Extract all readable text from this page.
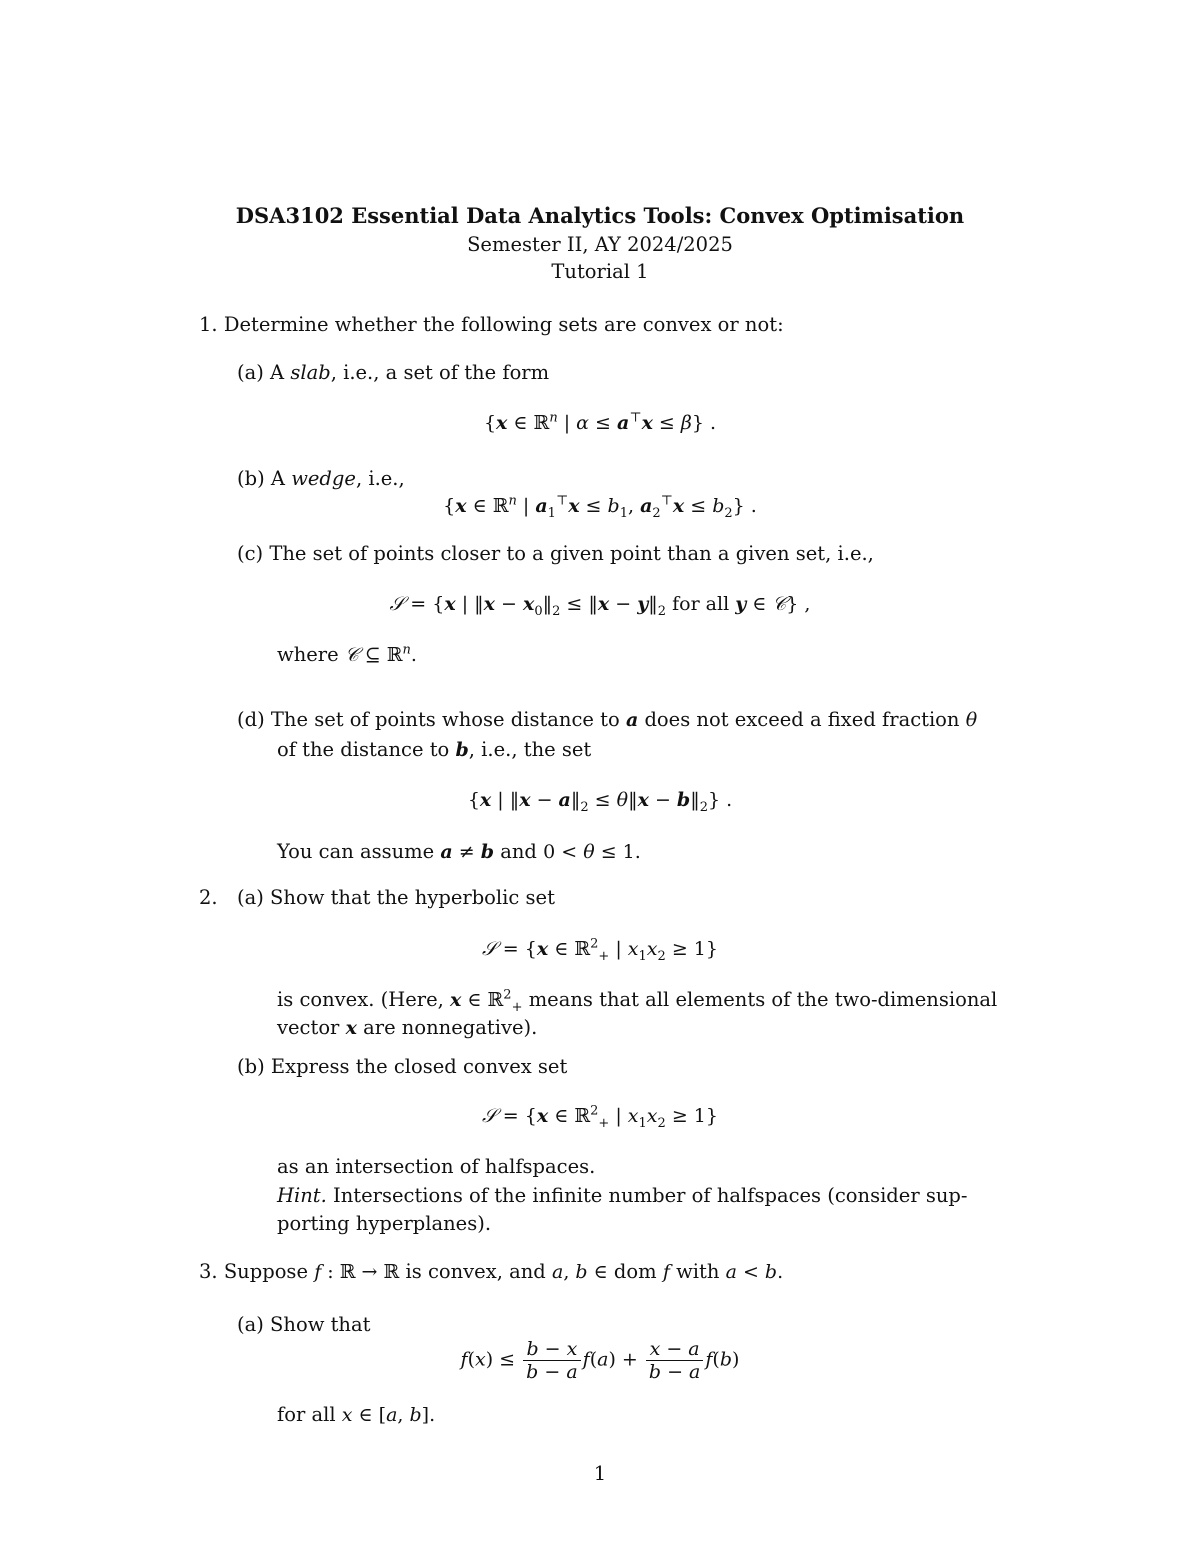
DSA3102 Essential Data Analytics Tools: Convex Optimisation
Semester II, AY 2024/2025
Tutorial 1
1. Determine whether the following sets are convex or not:
(a) A slab, i.e., a set of the form
{x ∈ ℝ$^n$ | α ≤ a⊤x ≤ β} .
(b) A wedge, i.e.,
{x ∈ ℝ$^n$ | $a_1^⊤x \le b_1$, $a_2^⊤x \le b_2$} .
(c) The set of points closer to a given point than a given set, i.e.,
𝒮 = {x | ‖x − $x_0‖_2$ ≤ ‖x − $y‖_2$ for all y ∈ 𝒞} ,
where 𝒞 ⊆ ℝ$^n$.
(d) The set of points whose distance to a does not exceed a fixed fraction θ
of the distance to b, i.e., the set
{x | ‖x − $a‖_2$ ≤ θ‖x − $b‖_2$} .
You can assume a ≠ b and 0 < θ ≤ 1.
2. (a) Show that the hyperbolic set
𝒮 = {x ∈ ℝ$^2_+$ | $x_1x_2 \ge 1$}
is convex. (Here, x ∈ ℝ$^2_+$ means that all elements of the two-dimensional
vector x are nonnegative).
(b) Express the closed convex set
𝒮 = {x ∈ ℝ$^2_+$ | $x_1x_2 \ge 1$}
as an intersection of halfspaces.
Hint. Intersections of the infinite number of halfspaces (consider sup-
porting hyperplanes).
3. Suppose f : ℝ → ℝ is convex, and a, b ∈ dom f with a < b.
(a) Show that
$f(x) \le \frac{b - x}{b - a} f(a) + \frac{x - a}{b - a} f(b)$
for all x ∈ [a, b].
1
